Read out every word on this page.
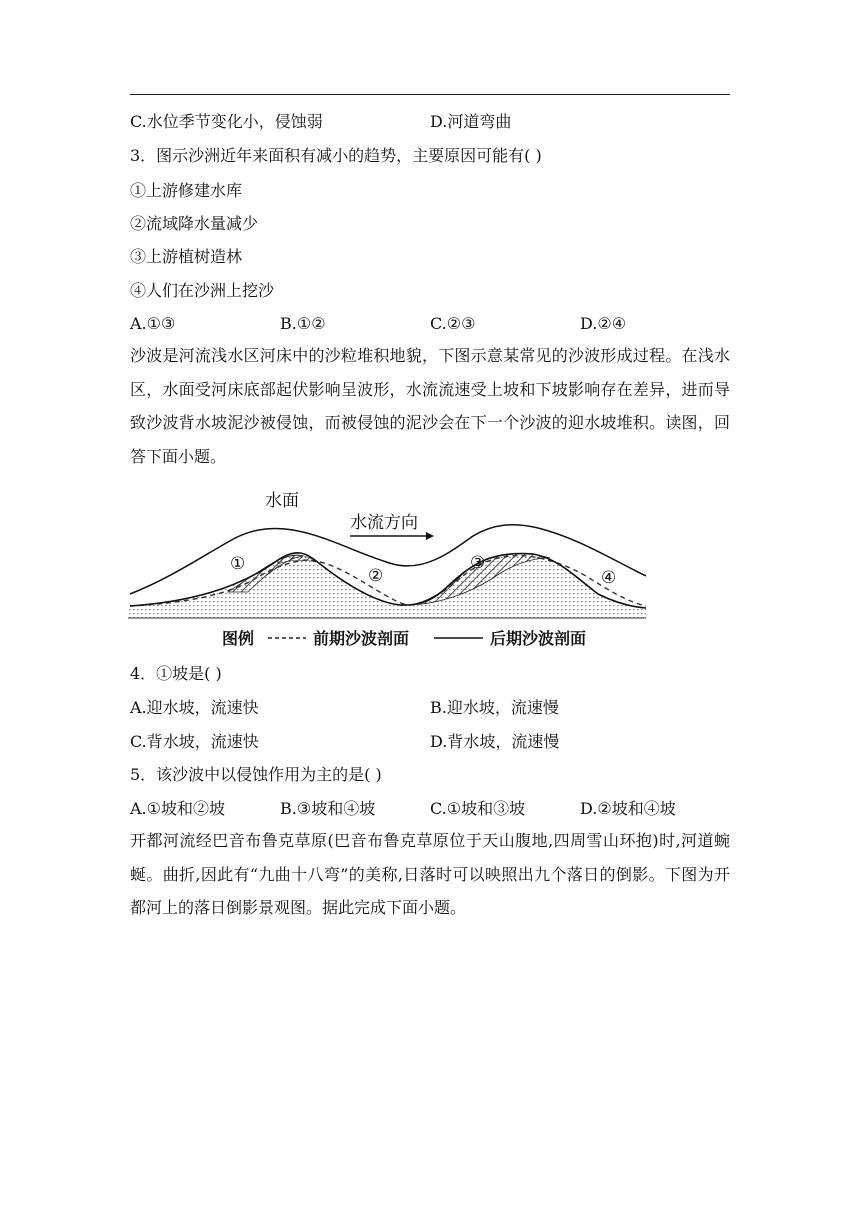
C.水位季节变化小，侵蚀弱	D.河道弯曲
3．图示沙洲近年来面积有减小的趋势，主要原因可能有( )
①上游修建水库
②流域降水量减少
③上游植树造林
④人们在沙洲上挖沙
A.①③	B.①②	C.②③	D.②④
沙波是河流浅水区河床中的沙粒堆积地貌，下图示意某常见的沙波形成过程。在浅水区，水面受河床底部起伏影响呈波形，水流流速受上坡和下坡影响存在差异，进而导致沙波背水坡泥沙被侵蚀，而被侵蚀的泥沙会在下一个沙波的迎水坡堆积。读图，回答下面小题。
水面
水流方向
①
②
③
④
图例	前期沙波剖面	后期沙波剖面
4．①坡是( )
A.迎水坡，流速快	B.迎水坡，流速慢
C.背水坡，流速快	D.背水坡，流速慢
5．该沙波中以侵蚀作用为主的是( )
A.①坡和②坡	B.③坡和④坡	C.①坡和③坡	D.②坡和④坡
开都河流经巴音布鲁克草原(巴音布鲁克草原位于天山腹地,四周雪山环抱)时,河道蜿蜒。曲折,因此有“九曲十八弯”的美称,日落时可以映照出九个落日的倒影。下图为开都河上的落日倒影景观图。据此完成下面小题。
